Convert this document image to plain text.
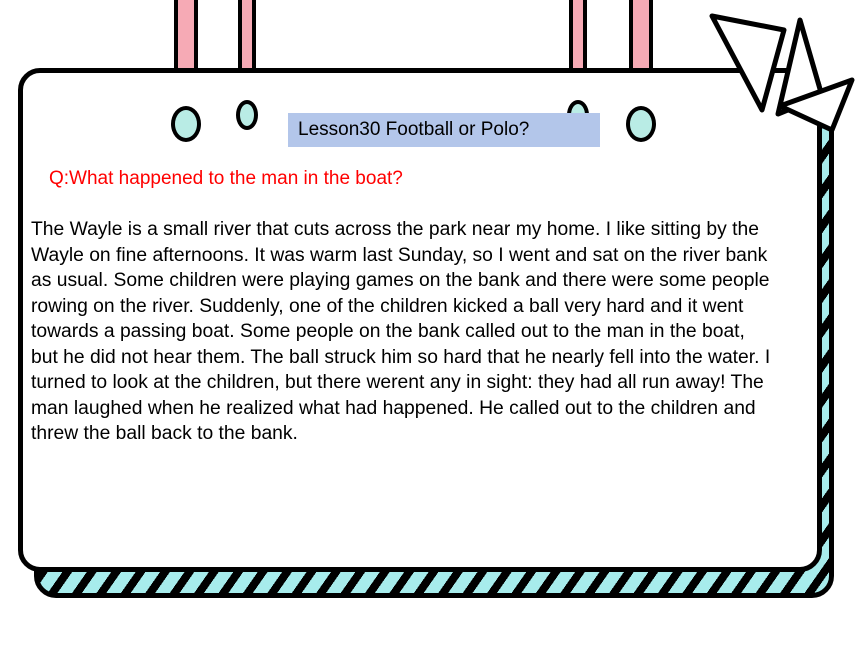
Lesson30 Football or Polo?
Q:What happened to the man in the boat?
The Wayle is a small river that cuts across the park near my home. I like sitting by the
Wayle on fine afternoons. It was warm last Sunday, so I went and sat on the river bank
as usual. Some children were playing games on the bank and there were some people
rowing on the river. Suddenly, one of the children kicked a ball very hard and it went
towards a passing boat. Some people on the bank called out to the man in the boat,
but he did not hear them. The ball struck him so hard that he nearly fell into the water. I
turned to look at the children, but there werent any in sight: they had all run away! The
man laughed when he realized what had happened. He called out to the children and
threw the ball back to the bank.
